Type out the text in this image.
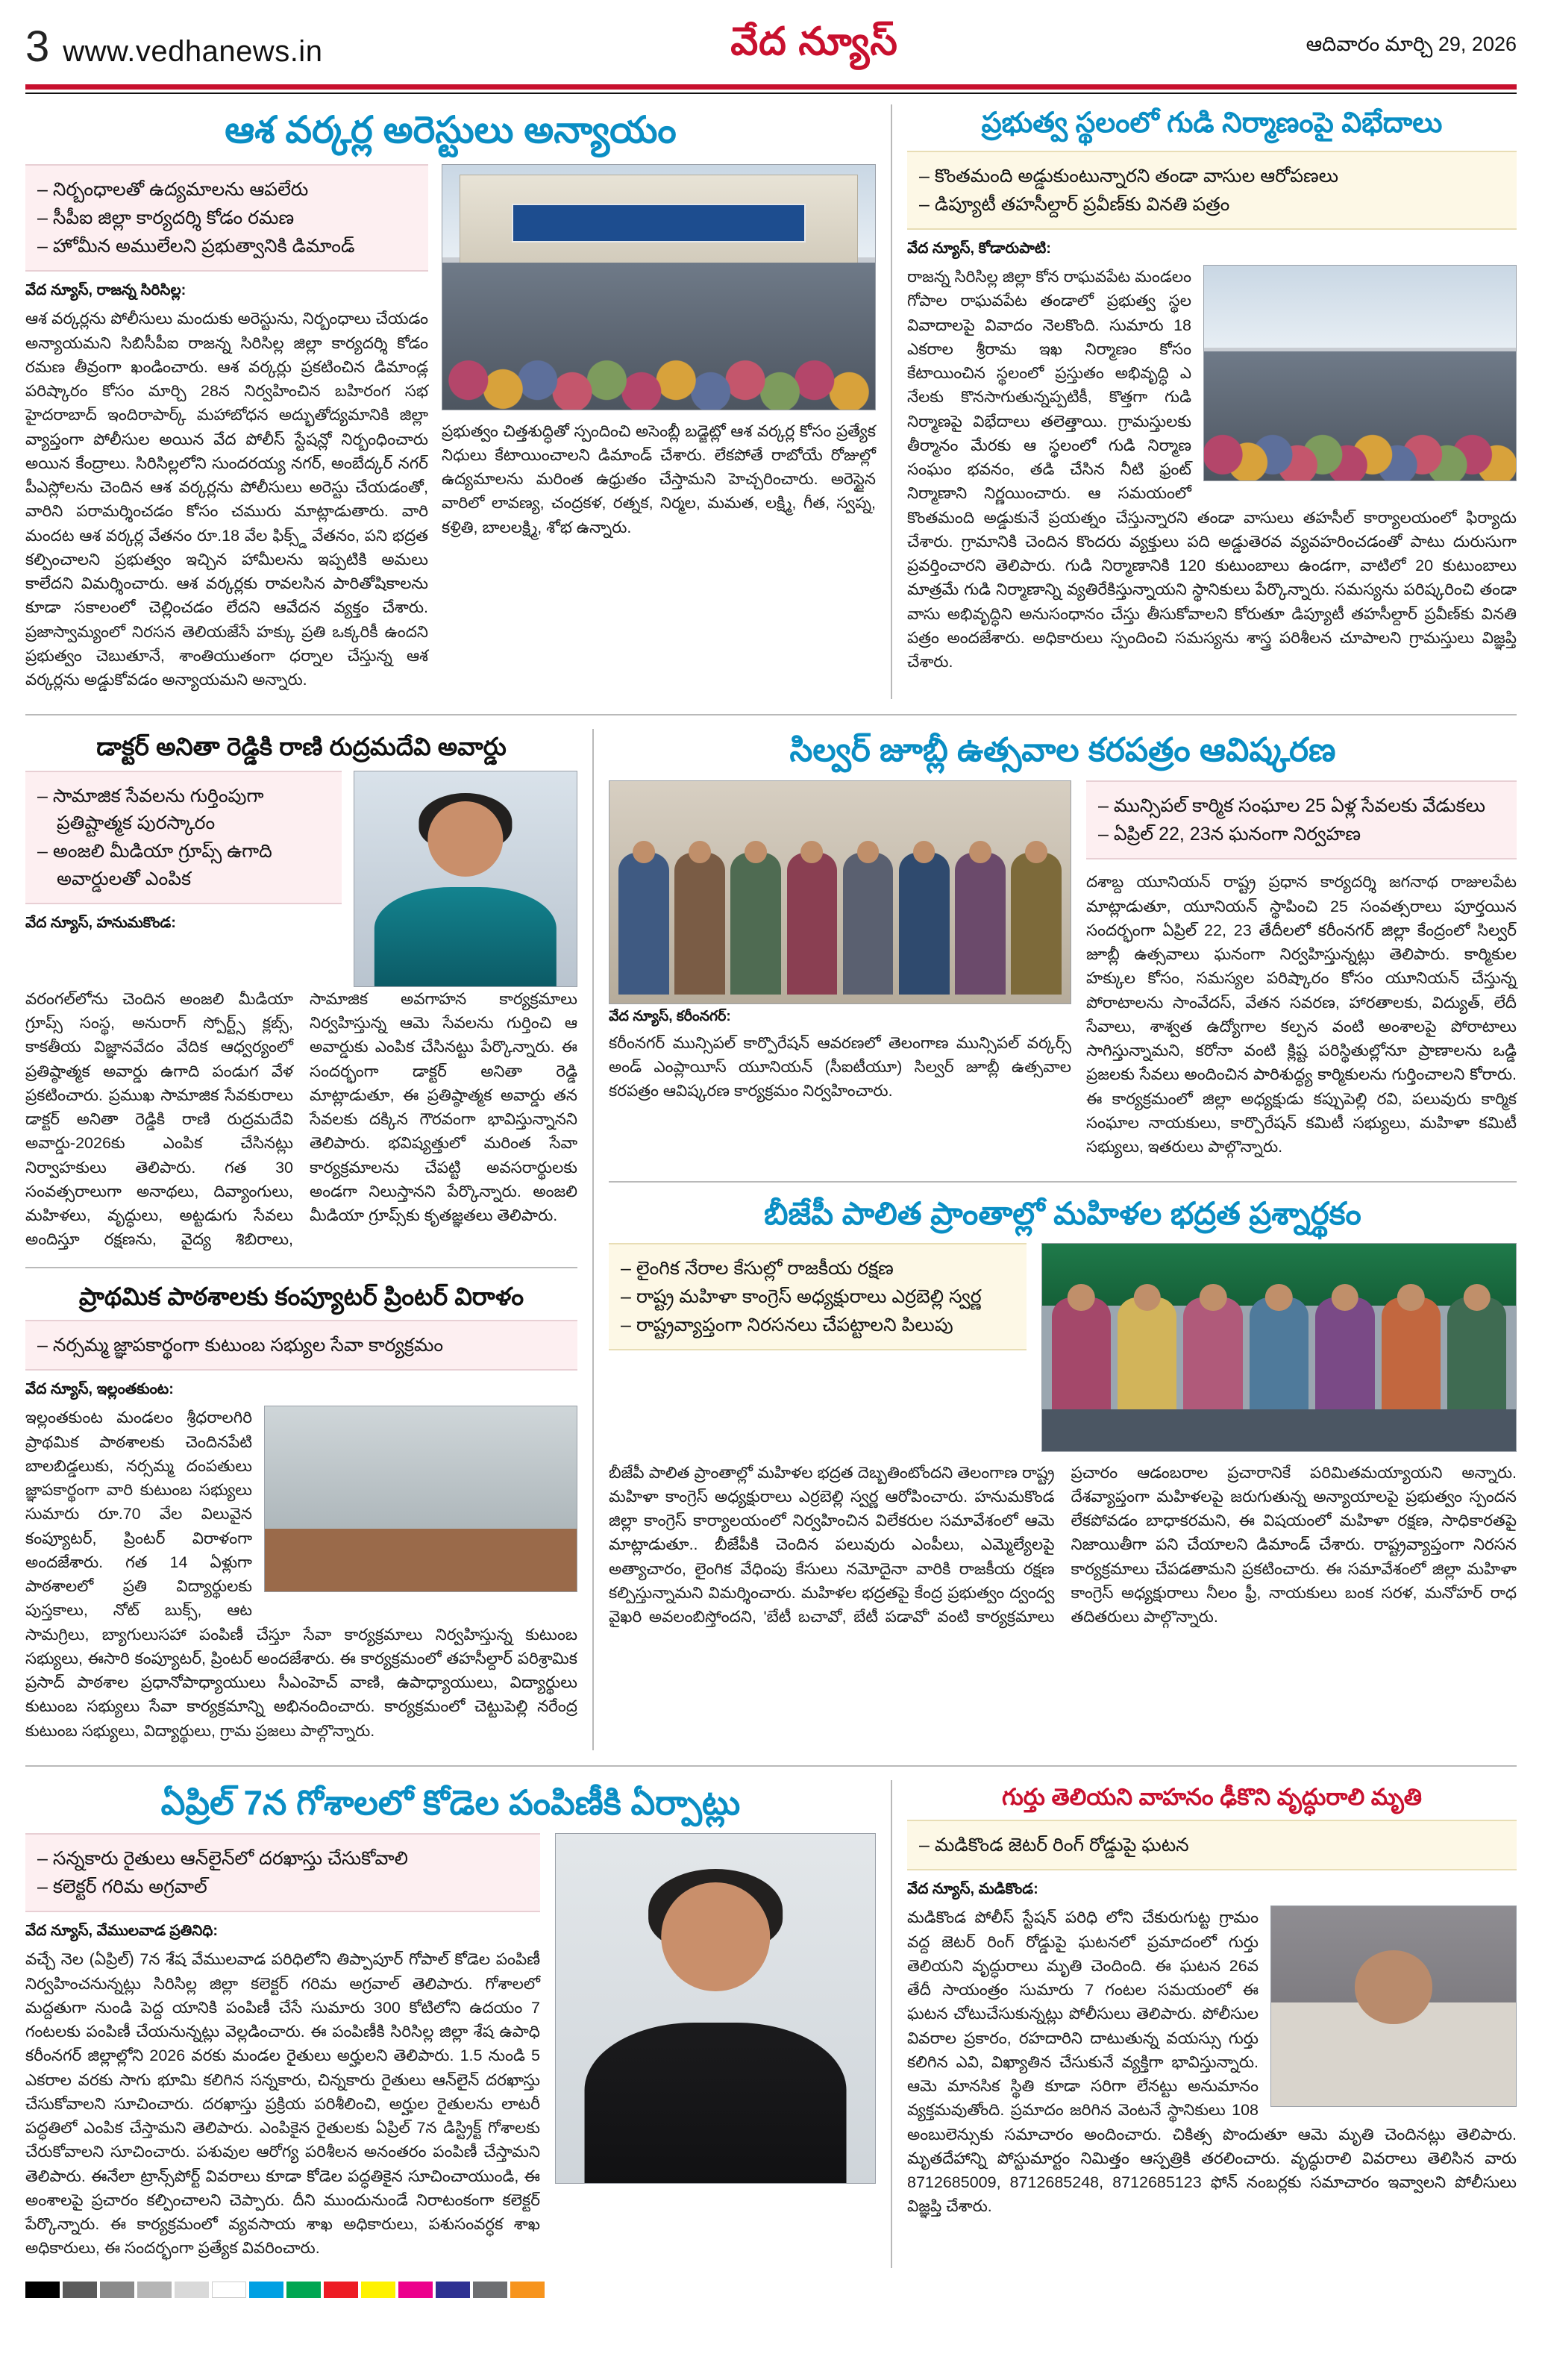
3 www.vedhanews.in	వేద న్యూస్	ఆదివారం మార్చి 29, 2026
ఆశ వర్కర్ల అరెస్టులు అన్యాయం
– నిర్బంధాలతో ఉద్యమాలను ఆపలేరు
– సీపీఐ జిల్లా కార్యదర్శి కోడం రమణ
– హోమీన అములేలని ప్రభుత్వానికి డిమాండ్
వేద న్యూస్, రాజన్న సిరిసిల్ల:

ఆశ వర్కర్లను పోలీసులు మందుకు అరెస్టును, నిర్బంధాలు చేయడం అన్యాయమని సిబిసీపీఐ రాజన్న సిరిసిల్ల జిల్లా కార్యదర్శి కోడం రమణ తీవ్రంగా ఖండించారు. ఆశ వర్కర్లు ప్రకటించిన డిమాండ్ల పరిష్కారం కోసం మార్చి 28న నిర్వహించిన బహిరంగ సభ హైదరాబాద్ ఇందిరాపార్క్ మహాబోధన అద్భుతోద్యమానికి జిల్లా వ్యాప్తంగా పోలీసుల అయిన వేద పోలీస్ స్టేషన్లో నిర్బంధించారు అయిన కేంద్రాలు. సిరిసిల్లలోని సుందరయ్య నగర్, అంబేద్కర్ నగర్ పీఎస్లోలను చెందిన ఆశ వర్కర్లను పోలీసులు అరెస్టు చేయడంతో, వారిని పరామర్శించడం కోసం చమురు మాట్లాడుతారు. వారి మందట ఆశ వర్కర్ల వేతనం రూ.18 వేల ఫిక్స్డ్ వేతనం, పని భద్రత కల్పించాలని ప్రభుత్వం ఇచ్చిన హామీలను ఇప్పటికి అమలు కాలేదని విమర్శించారు. ఆశ వర్కర్లకు రావలసిన పారితోషికాలను కూడా సకాలంలో చెల్లించడం లేదని ఆవేదన వ్యక్తం చేశారు. ప్రజాస్వామ్యంలో నిరసన తెలియజేసే హక్కు ప్రతి ఒక్కరికీ ఉందని ప్రభుత్వం చెబుతూనే, శాంతియుతంగా ధర్నాల చేస్తున్న ఆశ వర్కర్లను అడ్డుకోవడం అన్యాయమని అన్నారు.

ప్రభుత్వం చిత్తశుద్ధితో స్పందించి అసెంబ్లీ బడ్జెట్లో ఆశ వర్కర్ల కోసం ప్రత్యేక నిధులు కేటాయించాలని డిమాండ్ చేశారు. లేకపోతే రాబోయే రోజుల్లో ఉద్యమాలను మరింత ఉధ్రుతం చేస్తామని హెచ్చరించారు. అరెస్టైన వారిలో లావణ్య, చంద్రకళ, రత్నక, నిర్మల, మమత, లక్ష్మి, గీత, స్వప్న, కళ్రితి, బాలలక్ష్మి, శోభ ఉన్నారు.

ప్రభుత్వ స్థలంలో గుడి నిర్మాణంపై విభేదాలు
– కొంతమంది అడ్డుకుంటున్నారని తండా వాసుల ఆరోపణలు
– డిప్యూటీ తహసీల్దార్ ప్రవీణ్‌కు వినతి పత్రం
వేద న్యూస్, కోడారుపాటి:

రాజన్న సిరిసిల్ల జిల్లా కోన రాఘవపేట మండలం గోపాల రాఘవపేట తండాలో ప్రభుత్వ స్థల వివాదాలపై వివాదం నెలకొంది. సుమారు 18 ఎకరాల శ్రీరామ ఇఖ నిర్మాణం కోసం కేటాయించిన స్థలంలో ప్రస్తుతం అభివృద్ధి ఎ నేలకు కొనసాగుతున్నప్పటికీ, కొత్తగా గుడి నిర్మాణపై విభేదాలు తలెత్తాయి. గ్రామస్తులకు తీర్మానం మేరకు ఆ స్థలంలో గుడి నిర్మాణ సంఘం భవనం, తడి చేసిన నీటి ఫ్రంట్ నిర్మాణాని నిర్ణయించారు. ఆ సమయంలో కొంతమంది అడ్డుకునే ప్రయత్నం చేస్తున్నారని తండా వాసులు తహసీల్ కార్యాలయంలో ఫిర్యాదు చేశారు. గ్రామానికి చెందిన కొందరు వ్యక్తులు పది అడ్డుతెరవ వ్యవహరించడంతో పాటు దురుసుగా ప్రవర్తించారని తెలిపారు. గుడి నిర్మాణానికి 120 కుటుంబాలు ఉండగా, వాటిలో 20 కుటుంబాలు మాత్రమే గుడి నిర్మాణాన్ని వ్యతిరేకిస్తున్నాయని స్థానికులు పేర్కొన్నారు. సమస్యను పరిష్కరించి తండా వాసు అభివృద్ధిని అనుసంధానం చేస్తు తీసుకోవాలని కోరుతూ డిప్యూటీ తహసీల్దార్ ప్రవీణ్‌కు వినతి పత్రం అందజేశారు. అధికారులు స్పందించి సమస్యను శాస్త్ర పరిశీలన చూపాలని గ్రామస్తులు విజ్ఞప్తి చేశారు.

డాక్టర్ అనితా రెడ్డికి రాణి రుద్రమదేవి అవార్డు
– సామాజిక సేవలను గుర్తింపుగా ప్రతిష్టాత్మక పురస్కారం
– అంజలి మీడియా గ్రూప్స్ ఉగాది అవార్డులతో ఎంపిక
వేద న్యూస్, హనుమకొండ:

వరంగల్‌లోను చెందిన అంజలి మీడియా గ్రూప్స్ సంస్థ, అనురాగ్ స్పోర్ట్స్ క్లబ్స్, కాకతీయ విజ్ఞానవేదం వేదిక ఆధ్వర్యంలో ప్రతిష్ఠాత్మక అవార్డు ఉగాది పండుగ వేళ ప్రకటించారు. ప్రముఖ సామాజిక సేవకురాలు డాక్టర్ అనితా రెడ్డికి రాణి రుద్రమదేవి అవార్డు-2026కు ఎంపిక చేసినట్లు నిర్వాహకులు తెలిపారు. గత 30 సంవత్సరాలుగా అనాథలు, దివ్యాంగులు, మహిళలు, వృద్ధులు, అట్టడుగు సేవలు అందిస్తూ రక్షణను, వైద్య శిబిరాలు, సామాజిక అవగాహన కార్యక్రమాలు నిర్వహిస్తున్న ఆమె సేవలను గుర్తించి ఆ అవార్డుకు ఎంపిక చేసినట్టు పేర్కొన్నారు. ఈ సందర్భంగా డాక్టర్ అనితా రెడ్డి మాట్లాడుతూ, ఈ ప్రతిష్ఠాత్మక అవార్డు తన సేవలకు దక్కిన గౌరవంగా భావిస్తున్నానని తెలిపారు. భవిష్యత్తులో మరింత సేవా కార్యక్రమాలను చేపట్టి అవసరార్థులకు అండగా నిలుస్తానని పేర్కొన్నారు. అంజలి మీడియా గ్రూప్స్‌కు కృతజ్ఞతలు తెలిపారు.

ప్రాథమిక పాఠశాలకు కంప్యూటర్ ప్రింటర్ విరాళం
– నర్సమ్మ జ్ఞాపకార్థంగా కుటుంబ సభ్యుల సేవా కార్యక్రమం
వేద న్యూస్, ఇల్లంతకుంట:

ఇల్లంతకుంట మండలం శ్రీధరాలగిరి ప్రాథమిక పాఠశాలకు చెందినపేటి బాలబిడ్డలుకు, నర్సమ్మ దంపతులు జ్ఞాపకార్థంగా వారి కుటుంబ సభ్యులు సుమారు రూ.70 వేల విలువైన కంప్యూటర్, ప్రింటర్ విరాళంగా అందజేశారు. గత 14 ఏళ్లుగా పాఠశాలలో ప్రతి విద్యార్థులకు పుస్తకాలు, నోట్ బుక్స్, ఆట సామగ్రిలు, బ్యాగులుసహా పంపిణీ చేస్తూ సేవా కార్యక్రమాలు నిర్వహిస్తున్న కుటుంబ సభ్యులు, ఈసారి కంప్యూటర్, ప్రింటర్ అందజేశారు. ఈ కార్యక్రమంలో తహసీల్దార్ పరిశ్రామిక ప్రసాద్ పాఠశాల ప్రధానోపాధ్యాయులు సీఎంహెచ్ వాణి, ఉపాధ్యాయులు, విద్యార్థులు కుటుంబ సభ్యులు సేవా కార్యక్రమాన్ని అభినందించారు. కార్యక్రమంలో చెట్టుపెల్లి నరేంద్ర కుటుంబ సభ్యులు, విద్యార్థులు, గ్రామ ప్రజలు పాల్గొన్నారు.

సిల్వర్ జూబ్లీ ఉత్సవాల కరపత్రం ఆవిష్కరణ
వేద న్యూస్, కరీంనగర్:

కరీంనగర్ మున్సిపల్ కార్పొరేషన్ ఆవరణలో తెలంగాణ మున్సిపల్ వర్కర్స్ అండ్ ఎంప్లాయీస్ యూనియన్ (సీఐటీయూ) సిల్వర్ జూబ్లీ ఉత్సవాల కరపత్రం ఆవిష్కరణ కార్యక్రమం నిర్వహించారు.

– మున్సిపల్ కార్మిక సంఘాల 25 ఏళ్ల సేవలకు వేడుకలు
– ఏప్రిల్ 22, 23న ఘనంగా నిర్వహణ

దశాబ్ద యూనియన్ రాష్ట్ర ప్రధాన కార్యదర్శి జగనాథ రాజులపేట మాట్లాడుతూ, యూనియన్ స్థాపించి 25 సంవత్సరాలు పూర్తయిన సందర్భంగా ఏప్రిల్ 22, 23 తేదీలలో కరీంనగర్ జిల్లా కేంద్రంలో సిల్వర్ జూబ్లీ ఉత్సవాలు ఘనంగా నిర్వహిస్తున్నట్లు తెలిపారు. కార్మికుల హక్కుల కోసం, సమస్యల పరిష్కారం కోసం యూనియన్ చేస్తున్న పోరాటాలను సాంవేదస్, వేతన సవరణ, హారతాలకు, విద్యుత్, లేదీ సేవాలు, శాశ్వత ఉద్యోగాల కల్పన వంటి అంశాలపై పోరాటాలు సాగిస్తున్నామని, కరోనా వంటి క్లిష్ట పరిస్థితుల్లోనూ ప్రాణాలను ఒడ్డి ప్రజలకు సేవలు అందించిన పారిశుద్ధ్య కార్మికులను గుర్తించాలని కోరారు. ఈ కార్యక్రమంలో జిల్లా అధ్యక్షుడు కప్పుపెల్లి రవి, పలువురు కార్మిక సంఘాల నాయకులు, కార్పొరేషన్ కమిటీ సభ్యులు, మహిళా కమిటీ సభ్యులు, ఇతరులు పాల్గొన్నారు.

బీజేపీ పాలిత ప్రాంతాల్లో మహిళల భద్రత ప్రశ్నార్థకం
– లైంగిక నేరాల కేసుల్లో రాజకీయ రక్షణ
– రాష్ట్ర మహిళా కాంగ్రెస్ అధ్యక్షురాలు ఎర్రబెల్లి స్వర్ణ
– రాష్ట్రవ్యాప్తంగా నిరసనలు చేపట్టాలని పిలుపు

బీజేపీ పాలిత ప్రాంతాల్లో మహిళల భద్రత దెబ్బతింటోందని తెలంగాణ రాష్ట్ర మహిళా కాంగ్రెస్ అధ్యక్షురాలు ఎర్రబెల్లి స్వర్ణ ఆరోపించారు. హనుమకొండ జిల్లా కాంగ్రెస్ కార్యాలయంలో నిర్వహించిన విలేకరుల సమావేశంలో ఆమె మాట్లాడుతూ.. బీజేపీకి చెందిన పలువురు ఎంపీలు, ఎమ్మెల్యేలపై అత్యాచారం, లైంగిక వేధింపు కేసులు నమోదైనా వారికి రాజకీయ రక్షణ కల్పిస్తున్నామని విమర్శించారు. మహిళల భద్రతపై కేంద్ర ప్రభుత్వం ద్వంద్వ వైఖరి అవలంబిస్తోందని, 'బేటీ బచావో, బేటీ పడావో' వంటి కార్యక్రమాలు ప్రచారం ఆడంబరాల ప్రచారానికే పరిమితమయ్యాయని అన్నారు. దేశవ్యాప్తంగా మహిళలపై జరుగుతున్న అన్యాయాలపై ప్రభుత్వం స్పందన లేకపోవడం బాధాకరమని, ఈ విషయంలో మహిళా రక్షణ, సాధికారతపై నిజాయితీగా పని చేయాలని డిమాండ్ చేశారు. రాష్ట్రవ్యాప్తంగా నిరసన కార్యక్రమాలు చేపడతామని ప్రకటించారు. ఈ సమావేశంలో జిల్లా మహిళా కాంగ్రెస్ అధ్యక్షురాలు నీలం ఫ్రీ, నాయకులు బంక సరళ, మనోహర్ రాధ తదితరులు పాల్గొన్నారు.

ఏప్రిల్ 7న గోశాలలో కోడెల పంపిణీకి ఏర్పాట్లు
– సన్నకారు రైతులు ఆన్‌లైన్‌లో దరఖాస్తు చేసుకోవాలి
– కలెక్టర్ గరిమ అగ్రవాల్
వేద న్యూస్, వేములవాడ ప్రతినిధి:

వచ్చే నెల (ఏప్రిల్) 7న శేష వేములవాడ పరిధిలోని తిప్పాపూర్ గోపాల్ కోడెల పంపిణీ నిర్వహించనున్నట్లు సిరిసిల్ల జిల్లా కలెక్టర్ గరిమ అగ్రవాల్ తెలిపారు. గోశాలలో మద్దతుగా నుండి పెద్ద యానికి పంపిణీ చేసే సుమారు 300 కోటిలోని ఉదయం 7 గంటలకు పంపిణీ చేయనున్నట్లు వెల్లడించారు. ఈ పంపిణీకి సిరిసిల్ల జిల్లా శేష ఉపాధి కరీంనగర్ జిల్లాల్లోని 2026 వరకు మండల రైతులు అర్హులని తెలిపారు. 1.5 నుండి 5 ఎకరాల వరకు సాగు భూమి కలిగిన సన్నకారు, చిన్నకారు రైతులు ఆన్‌లైన్ దరఖాస్తు చేసుకోవాలని సూచించారు. దరఖాస్తు ప్రక్రియ పరిశీలించి, అర్హుల రైతులను లాటరీ పద్ధతిలో ఎంపిక చేస్తామని తెలిపారు. ఎంపికైన రైతులకు ఏప్రిల్ 7న డిస్ట్రిక్ట్ గోశాలకు చేరుకోవాలని సూచించారు. పశువుల ఆరోగ్య పరిశీలన అనంతరం పంపిణీ చేస్తామని తెలిపారు. ఈనేలా ట్రాన్స్‌పోర్ట్ వివరాలు కూడా కోడెల పద్ధతికైన సూచించాయుండి, ఈ అంశాలపై ప్రచారం కల్పించాలని చెప్పారు. దీని ముందునుండే నిరాటంకంగా కలెక్టర్ పేర్కొన్నారు. ఈ కార్యక్రమంలో వ్యవసాయ శాఖ అధికారులు, పశుసంవర్ధక శాఖ అధికారులు, ఈ సందర్భంగా ప్రత్యేక వివరించారు.

గుర్తు తెలియని వాహనం ఢీకొని వృద్ధురాలి మృతి
– మడికొండ జెటర్ రింగ్ రోడ్డుపై ఘటన
వేద న్యూస్, మడికొండ:

మడికొండ పోలీస్ స్టేషన్ పరిధి లోని చేకురుగుట్ట గ్రామం వద్ద జెటర్ రింగ్ రోడ్డుపై ఘటనలో ప్రమాదంలో గుర్తు తెలియని వృద్ధురాలు మృతి చెందింది. ఈ ఘటన 26వ తేదీ సాయంత్రం సుమారు 7 గంటల సమయంలో ఈ ఘటన చోటుచేసుకున్నట్లు పోలీసులు తెలిపారు. పోలీసుల వివరాల ప్రకారం, రహదారిని దాటుతున్న వయస్సు గుర్తు కలిగిన ఎవి, విఖ్యాతిన చేసుకునే వ్యక్తిగా భావిస్తున్నారు. ఆమె మానసిక స్థితి కూడా సరిగా లేనట్టు అనుమానం వ్యక్తమవుతోంది. ప్రమాదం జరిగిన వెంటనే స్థానికులు 108 అంబులెన్సుకు సమాచారం అందించారు. చికిత్స పొందుతూ ఆమె మృతి చెందినట్లు తెలిపారు. మృతదేహాన్ని పోస్టుమార్టం నిమిత్తం ఆస్పత్రికి తరలించారు. వృద్ధురాలి వివరాలు తెలిసిన వారు 8712685009, 8712685248, 8712685123 ఫోన్ నంబర్లకు సమాచారం ఇవ్వాలని పోలీసులు విజ్ఞప్తి చేశారు.
